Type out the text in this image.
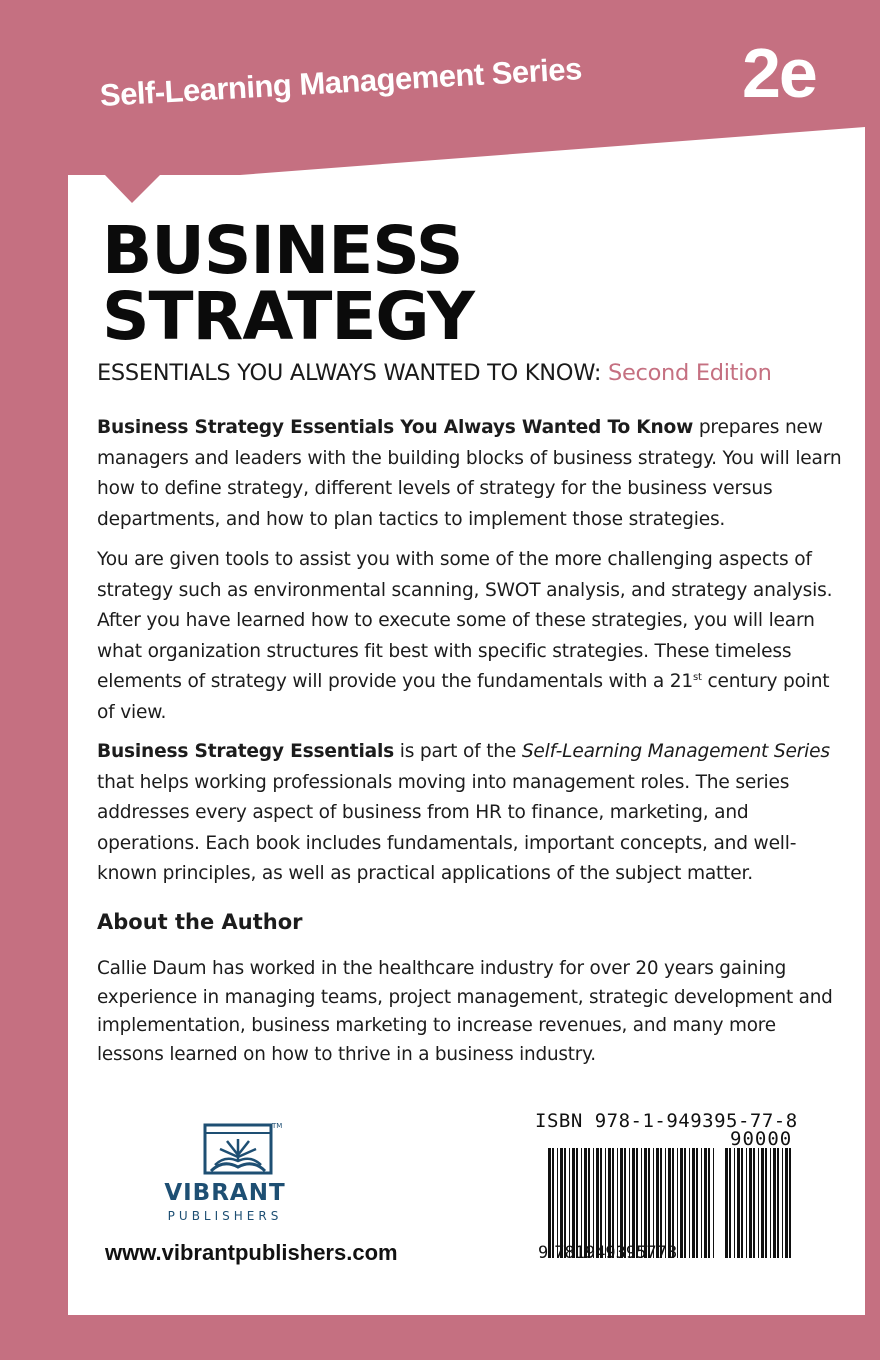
TM
Self-Learning Management Series 2e
BUSINESS
STRATEGY
ESSENTIALS YOU ALWAYS WANTED TO KNOW: Second Edition
Business Strategy Essentials You Always Wanted To Know prepares new managers and leaders with the building blocks of business strategy. You will learn how to define strategy, different levels of strategy for the business versus departments, and how to plan tactics to implement those strategies.
You are given tools to assist you with some of the more challenging aspects of strategy such as environmental scanning, SWOT analysis, and strategy analysis. After you have learned how to execute some of these strategies, you will learn what organization structures fit best with specific strategies. These timeless elements of strategy will provide you the fundamentals with a 21st century point of view.
Business Strategy Essentials is part of the Self-Learning Management Series that helps working professionals moving into management roles. The series addresses every aspect of business from HR to finance, marketing, and operations. Each book includes fundamentals, important concepts, and well-known principles, as well as practical applications of the subject matter.
About the Author
Callie Daum has worked in the healthcare industry for over 20 years gaining experience in managing teams, project management, strategic development and implementation, business marketing to increase revenues, and many more lessons learned on how to thrive in a business industry.
VIBRANT
PUBLISHERS
www.vibrantpublishers.com
ISBN 978-1-949395-77-8
90000
9 781949395778
